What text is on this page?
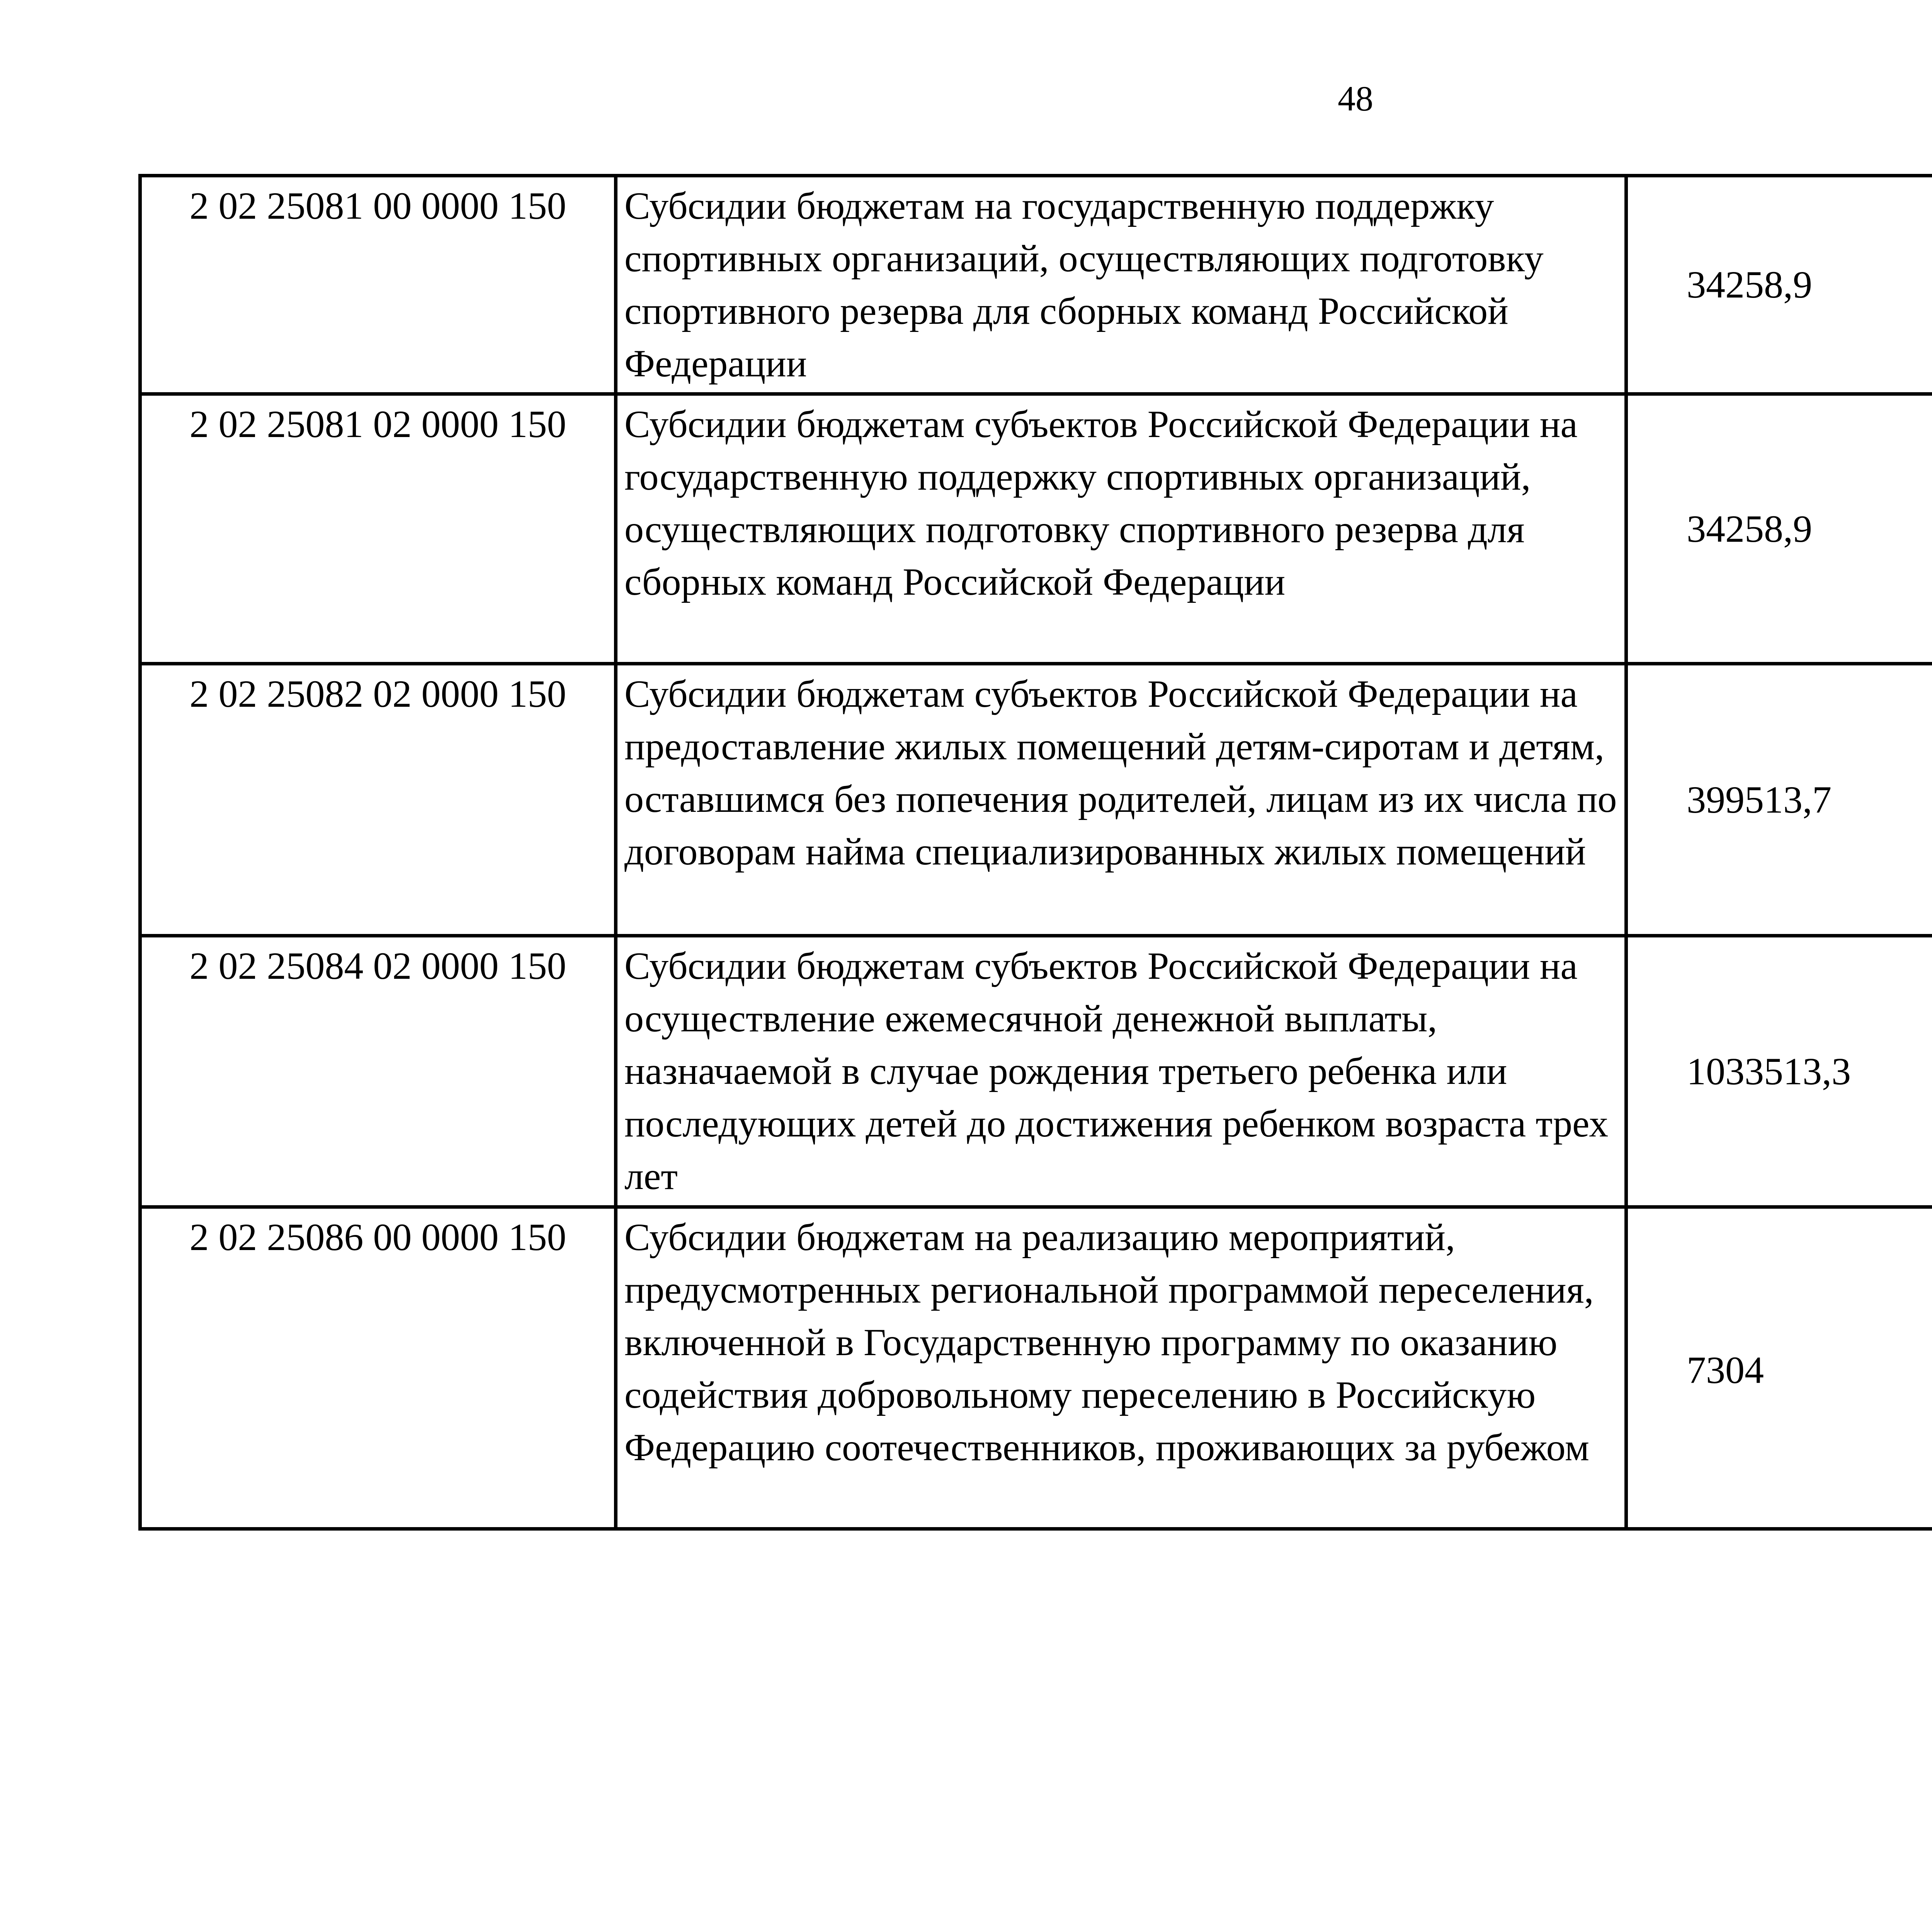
48
2 02 25081 00 0000 150	Субсидии бюджетам на государственную поддержку спортивных организаций, осуществляющих подготовку спортивного резерва для сборных команд Российской Федерации	34258,9		

2 02 25081 02 0000 150	Субсидии бюджетам субъектов Российской Федерации на государственную поддержку спортивных организаций, осуществляющих подготовку спортивного резерва для сборных команд Российской Федерации	34258,9		

2 02 25082 02 0000 150	Субсидии бюджетам субъектов Российской Федерации на предоставление жилых помещений детям-сиротам и детям, оставшимся без попечения родителей, лицам из их числа по договорам найма специализированных жилых помещений	399513,7

2 02 25084 02 0000 150	Субсидии бюджетам субъектов Российской Федерации на осуществление ежемесячной денежной выплаты, назначаемой в случае рождения третьего ребенка или последующих детей до достижения ребенком возраста трех лет	1033513,3

2 02 25086 00 0000 150	Субсидии бюджетам на реализацию мероприятий, предусмотренных региональной программой переселения, включенной в Государственную программу по оказанию содействия добровольному переселению в Российскую Федерацию соотечественников, проживающих за рубежом	7304
